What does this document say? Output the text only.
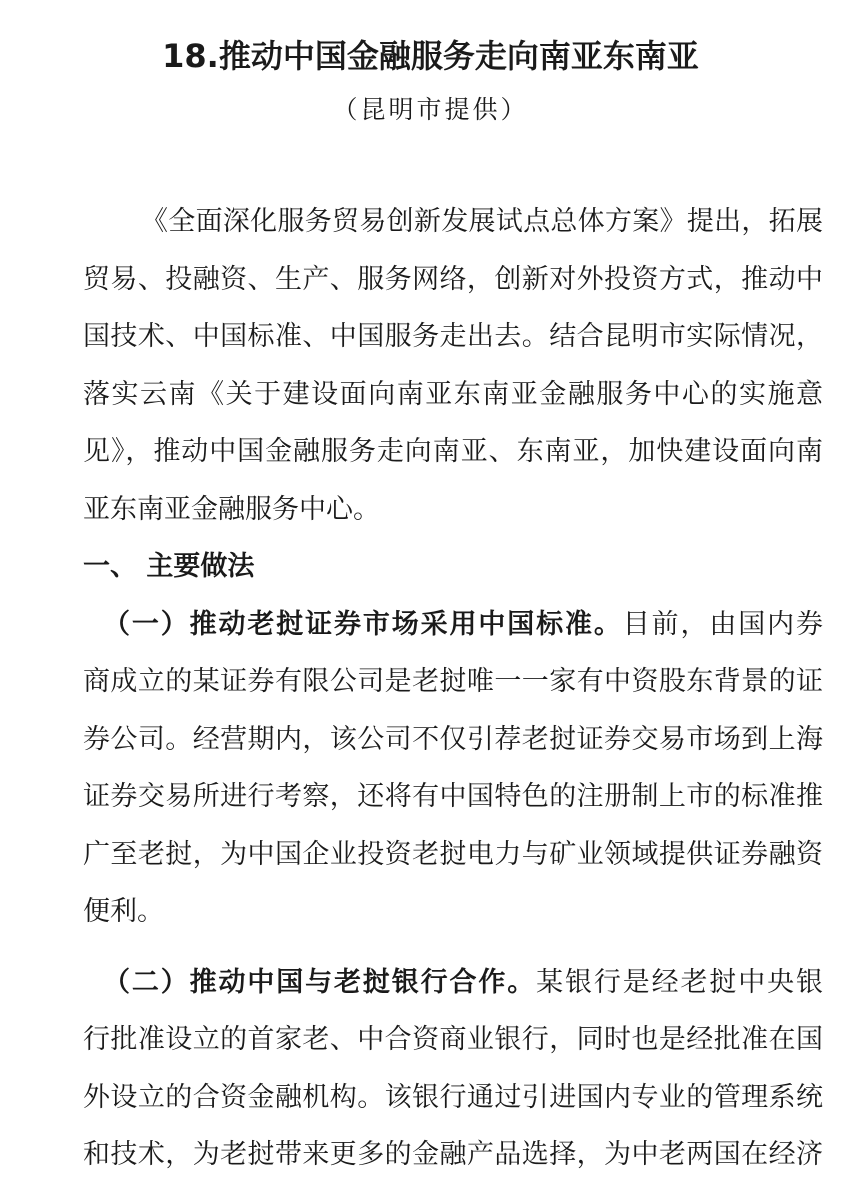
18.推动中国金融服务走向南亚东南亚
（昆明市提供）
《全面深化服务贸易创新发展试点总体方案》提出，拓展
贸易、投融资、生产、服务网络，创新对外投资方式，推动中
国技术、中国标准、中国服务走出去。结合昆明市实际情况，
落实云南《关于建设面向南亚东南亚金融服务中心的实施意
见》，推动中国金融服务走向南亚、东南亚，加快建设面向南
亚东南亚金融服务中心。
一、 主要做法
（一）推动老挝证券市场采用中国标准。目前，由国内券
商成立的某证券有限公司是老挝唯一一家有中资股东背景的证
券公司。经营期内，该公司不仅引荐老挝证券交易市场到上海
证券交易所进行考察，还将有中国特色的注册制上市的标准推
广至老挝，为中国企业投资老挝电力与矿业领域提供证券融资
便利。
（二）推动中国与老挝银行合作。某银行是经老挝中央银
行批准设立的首家老、中合资商业银行，同时也是经批准在国
外设立的合资金融机构。该银行通过引进国内专业的管理系统
和技术，为老挝带来更多的金融产品选择，为中老两国在经济
